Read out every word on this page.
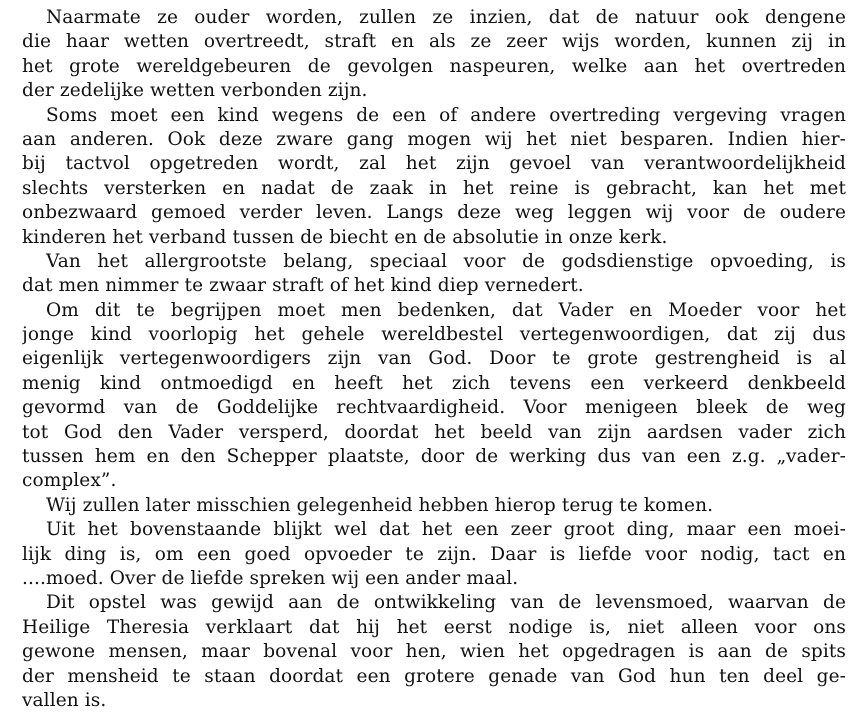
Naarmate ze ouder worden, zullen ze inzien, dat de natuur ook dengene
die haar wetten overtreedt, straft en als ze zeer wijs worden, kunnen zij in
het grote wereldgebeuren de gevolgen naspeuren, welke aan het overtreden
der zedelijke wetten verbonden zijn.
Soms moet een kind wegens de een of andere overtreding vergeving vragen
aan anderen. Ook deze zware gang mogen wij het niet besparen. Indien hier-
bij tactvol opgetreden wordt, zal het zijn gevoel van verantwoordelijkheid
slechts versterken en nadat de zaak in het reine is gebracht, kan het met
onbezwaard gemoed verder leven. Langs deze weg leggen wij voor de oudere
kinderen het verband tussen de biecht en de absolutie in onze kerk.
Van het allergrootste belang, speciaal voor de godsdienstige opvoeding, is
dat men nimmer te zwaar straft of het kind diep vernedert.
Om dit te begrijpen moet men bedenken, dat Vader en Moeder voor het
jonge kind voorlopig het gehele wereldbestel vertegenwoordigen, dat zij dus
eigenlijk vertegenwoordigers zijn van God. Door te grote gestrengheid is al
menig kind ontmoedigd en heeft het zich tevens een verkeerd denkbeeld
gevormd van de Goddelijke rechtvaardigheid. Voor menigeen bleek de weg
tot God den Vader versperd, doordat het beeld van zijn aardsen vader zich
tussen hem en den Schepper plaatste, door de werking dus van een z.g. „vader-
complex”.
Wij zullen later misschien gelegenheid hebben hierop terug te komen.
Uit het bovenstaande blijkt wel dat het een zeer groot ding, maar een moei-
lijk ding is, om een goed opvoeder te zijn. Daar is liefde voor nodig, tact en
....moed. Over de liefde spreken wij een ander maal.
Dit opstel was gewijd aan de ontwikkeling van de levensmoed, waarvan de
Heilige Theresia verklaart dat hij het eerst nodige is, niet alleen voor ons
gewone mensen, maar bovenal voor hen, wien het opgedragen is aan de spits
der mensheid te staan doordat een grotere genade van God hun ten deel ge-
vallen is.
